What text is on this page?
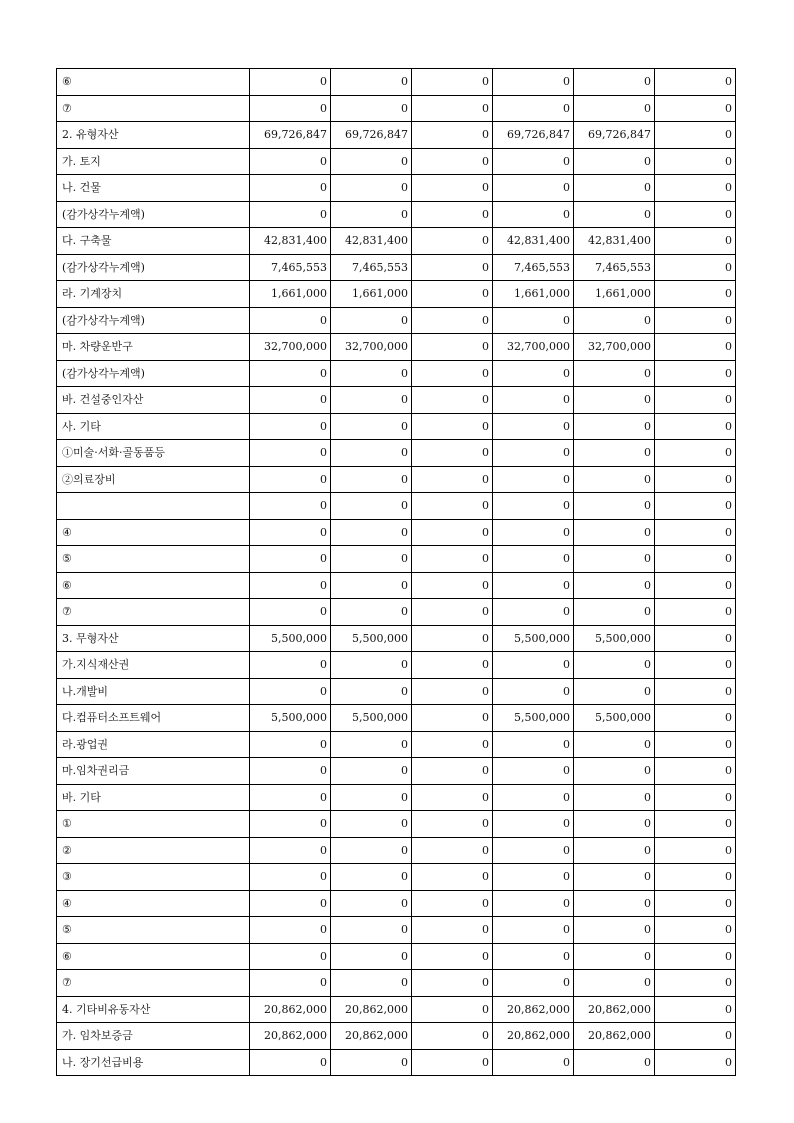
⑥	0	0	0	0	0	0
⑦	0	0	0	0	0	0
2. 유형자산	69,726,847	69,726,847	0	69,726,847	69,726,847	0
가. 토지	0	0	0	0	0	0
나. 건물	0	0	0	0	0	0
(감가상각누계액)	0	0	0	0	0	0
다. 구축물	42,831,400	42,831,400	0	42,831,400	42,831,400	0
(감가상각누계액)	7,465,553	7,465,553	0	7,465,553	7,465,553	0
라. 기계장치	1,661,000	1,661,000	0	1,661,000	1,661,000	0
(감가상각누계액)	0	0	0	0	0	0
마. 차량운반구	32,700,000	32,700,000	0	32,700,000	32,700,000	0
(감가상각누계액)	0	0	0	0	0	0
바. 건설중인자산	0	0	0	0	0	0
사. 기타	0	0	0	0	0	0
①미술·서화·골동품등	0	0	0	0	0	0
②의료장비	0	0	0	0	0	0
	0	0	0	0	0	0
④	0	0	0	0	0	0
⑤	0	0	0	0	0	0
⑥	0	0	0	0	0	0
⑦	0	0	0	0	0	0
3. 무형자산	5,500,000	5,500,000	0	5,500,000	5,500,000	0
가.지식재산권	0	0	0	0	0	0
나.개발비	0	0	0	0	0	0
다.컴퓨터소프트웨어	5,500,000	5,500,000	0	5,500,000	5,500,000	0
라.광업권	0	0	0	0	0	0
마.임차권리금	0	0	0	0	0	0
바. 기타	0	0	0	0	0	0
①	0	0	0	0	0	0
②	0	0	0	0	0	0
③	0	0	0	0	0	0
④	0	0	0	0	0	0
⑤	0	0	0	0	0	0
⑥	0	0	0	0	0	0
⑦	0	0	0	0	0	0
4. 기타비유동자산	20,862,000	20,862,000	0	20,862,000	20,862,000	0
가. 임차보증금	20,862,000	20,862,000	0	20,862,000	20,862,000	0
나. 장기선급비용	0	0	0	0	0	0
